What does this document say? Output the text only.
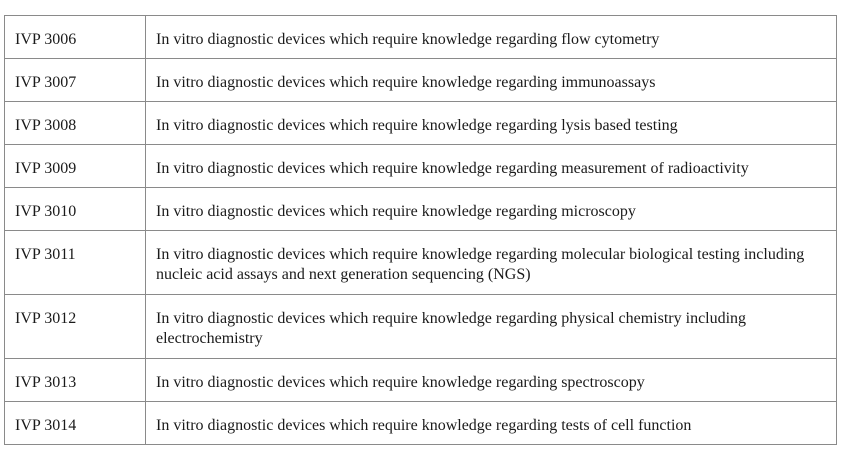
IVP 3006	In vitro diagnostic devices which require knowledge regarding flow cytometry
IVP 3007	In vitro diagnostic devices which require knowledge regarding immunoassays
IVP 3008	In vitro diagnostic devices which require knowledge regarding lysis based testing
IVP 3009	In vitro diagnostic devices which require knowledge regarding measurement of radioactivity
IVP 3010	In vitro diagnostic devices which require knowledge regarding microscopy
IVP 3011	In vitro diagnostic devices which require knowledge regarding molecular biological testing including nucleic acid assays and next generation sequencing (NGS)
IVP 3012	In vitro diagnostic devices which require knowledge regarding physical chemistry including electrochemistry
IVP 3013	In vitro diagnostic devices which require knowledge regarding spectroscopy
IVP 3014	In vitro diagnostic devices which require knowledge regarding tests of cell function
